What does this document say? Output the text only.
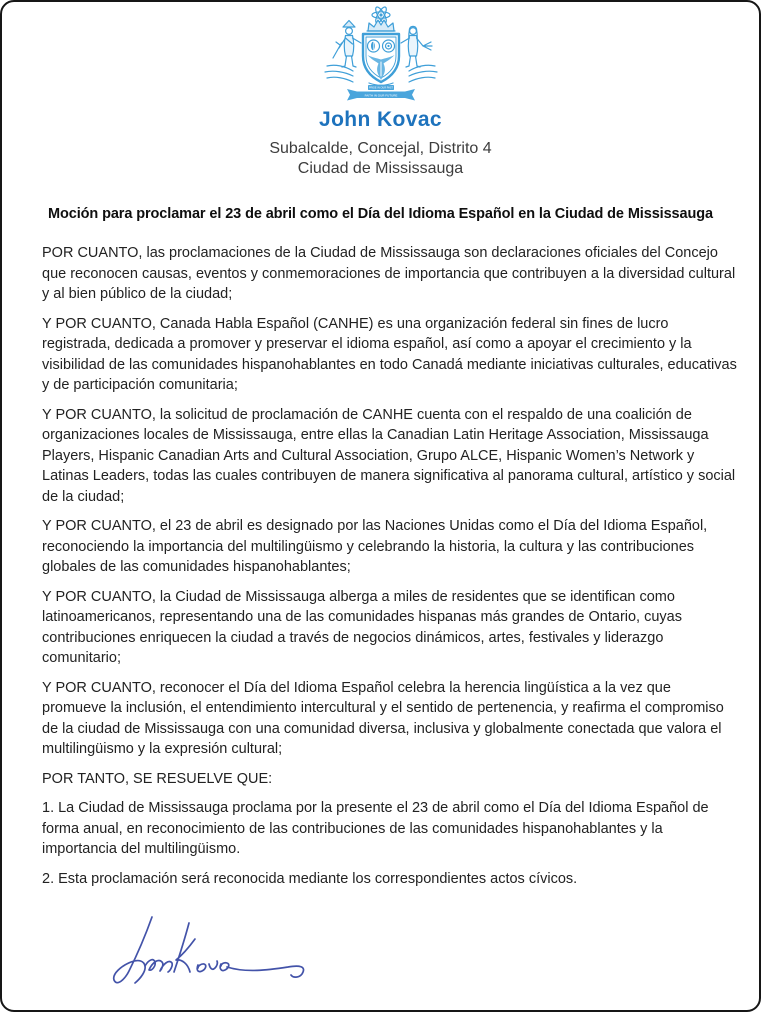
PRIDE IN OUR PAST
FAITH IN OUR FUTURE
John Kovac
Subalcalde, Concejal, Distrito 4
Ciudad de Mississauga
Moción para proclamar el 23 de abril como el Día del Idioma Español en la Ciudad de Mississauga

POR CUANTO, las proclamaciones de la Ciudad de Mississauga son declaraciones oficiales del Concejo que reconocen causas, eventos y conmemoraciones de importancia que contribuyen a la diversidad cultural y al bien público de la ciudad;

Y POR CUANTO, Canada Habla Español (CANHE) es una organización federal sin fines de lucro registrada, dedicada a promover y preservar el idioma español, así como a apoyar el crecimiento y la visibilidad de las comunidades hispanohablantes en todo Canadá mediante iniciativas culturales, educativas y de participación comunitaria;

Y POR CUANTO, la solicitud de proclamación de CANHE cuenta con el respaldo de una coalición de organizaciones locales de Mississauga, entre ellas la Canadian Latin Heritage Association, Mississauga Players, Hispanic Canadian Arts and Cultural Association, Grupo ALCE, Hispanic Women’s Network y Latinas Leaders, todas las cuales contribuyen de manera significativa al panorama cultural, artístico y social de la ciudad;

Y POR CUANTO, el 23 de abril es designado por las Naciones Unidas como el Día del Idioma Español, reconociendo la importancia del multilingüismo y celebrando la historia, la cultura y las contribuciones globales de las comunidades hispanohablantes;

Y POR CUANTO, la Ciudad de Mississauga alberga a miles de residentes que se identifican como latinoamericanos, representando una de las comunidades hispanas más grandes de Ontario, cuyas contribuciones enriquecen la ciudad a través de negocios dinámicos, artes, festivales y liderazgo comunitario;

Y POR CUANTO, reconocer el Día del Idioma Español celebra la herencia lingüística a la vez que promueve la inclusión, el entendimiento intercultural y el sentido de pertenencia, y reafirma el compromiso de la ciudad de Mississauga con una comunidad diversa, inclusiva y globalmente conectada que valora el multilingüismo y la expresión cultural;

POR TANTO, SE RESUELVE QUE:

1. La Ciudad de Mississauga proclama por la presente el 23 de abril como el Día del Idioma Español de forma anual, en reconocimiento de las contribuciones de las comunidades hispanohablantes y la importancia del multilingüismo.

2. Esta proclamación será reconocida mediante los correspondientes actos cívicos.
